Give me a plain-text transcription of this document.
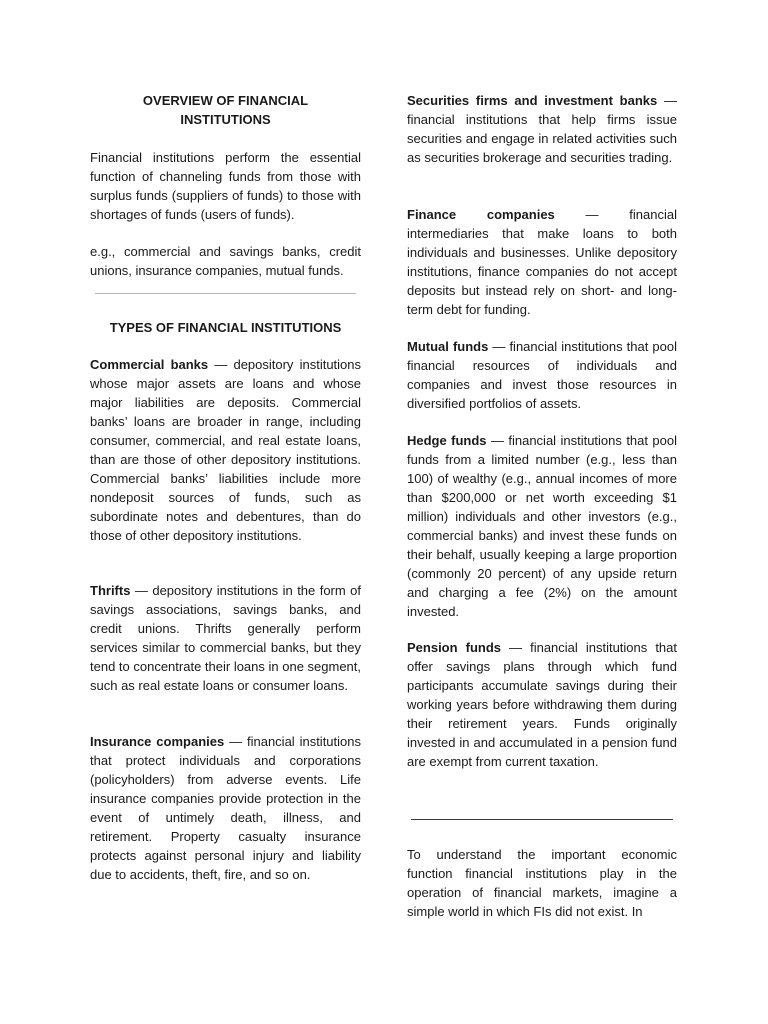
OVERVIEW OF FINANCIAL
INSTITUTIONS

Financial institutions perform the essential function of channeling funds from those with surplus funds (suppliers of funds) to those with shortages of funds (users of funds).

e.g., commercial and savings banks, credit unions, insurance companies, mutual funds.

TYPES OF FINANCIAL INSTITUTIONS

Commercial banks — depository institutions whose major assets are loans and whose major liabilities are deposits. Commercial banks’ loans are broader in range, including consumer, commercial, and real estate loans, than are those of other depository institutions. Commercial banks’ liabilities include more nondeposit sources of funds, such as subordinate notes and debentures, than do those of other depository institutions.

Thrifts — depository institutions in the form of savings associations, savings banks, and credit unions. Thrifts generally perform services similar to commercial banks, but they tend to concentrate their loans in one segment, such as real estate loans or consumer loans.

Insurance companies — financial institutions that protect individuals and corporations (policyholders) from adverse events. Life insurance companies provide protection in the event of untimely death, illness, and retirement. Property casualty insurance protects against personal injury and liability due to accidents, theft, fire, and so on.

Securities firms and investment banks — financial institutions that help firms issue securities and engage in related activities such as securities brokerage and securities trading.

Finance companies — financial intermediaries that make loans to both individuals and businesses. Unlike depository institutions, finance companies do not accept deposits but instead rely on short- and long-term debt for funding.

Mutual funds — financial institutions that pool financial resources of individuals and companies and invest those resources in diversified portfolios of assets.

Hedge funds — financial institutions that pool funds from a limited number (e.g., less than 100) of wealthy (e.g., annual incomes of more than $200,000 or net worth exceeding $1 million) individuals and other investors (e.g., commercial banks) and invest these funds on their behalf, usually keeping a large proportion (commonly 20 percent) of any upside return and charging a fee (2%) on the amount invested.

Pension funds — financial institutions that offer savings plans through which fund participants accumulate savings during their working years before withdrawing them during their retirement years. Funds originally invested in and accumulated in a pension fund are exempt from current taxation.

To understand the important economic function financial institutions play in the operation of financial markets, imagine a simple world in which FIs did not exist. In
